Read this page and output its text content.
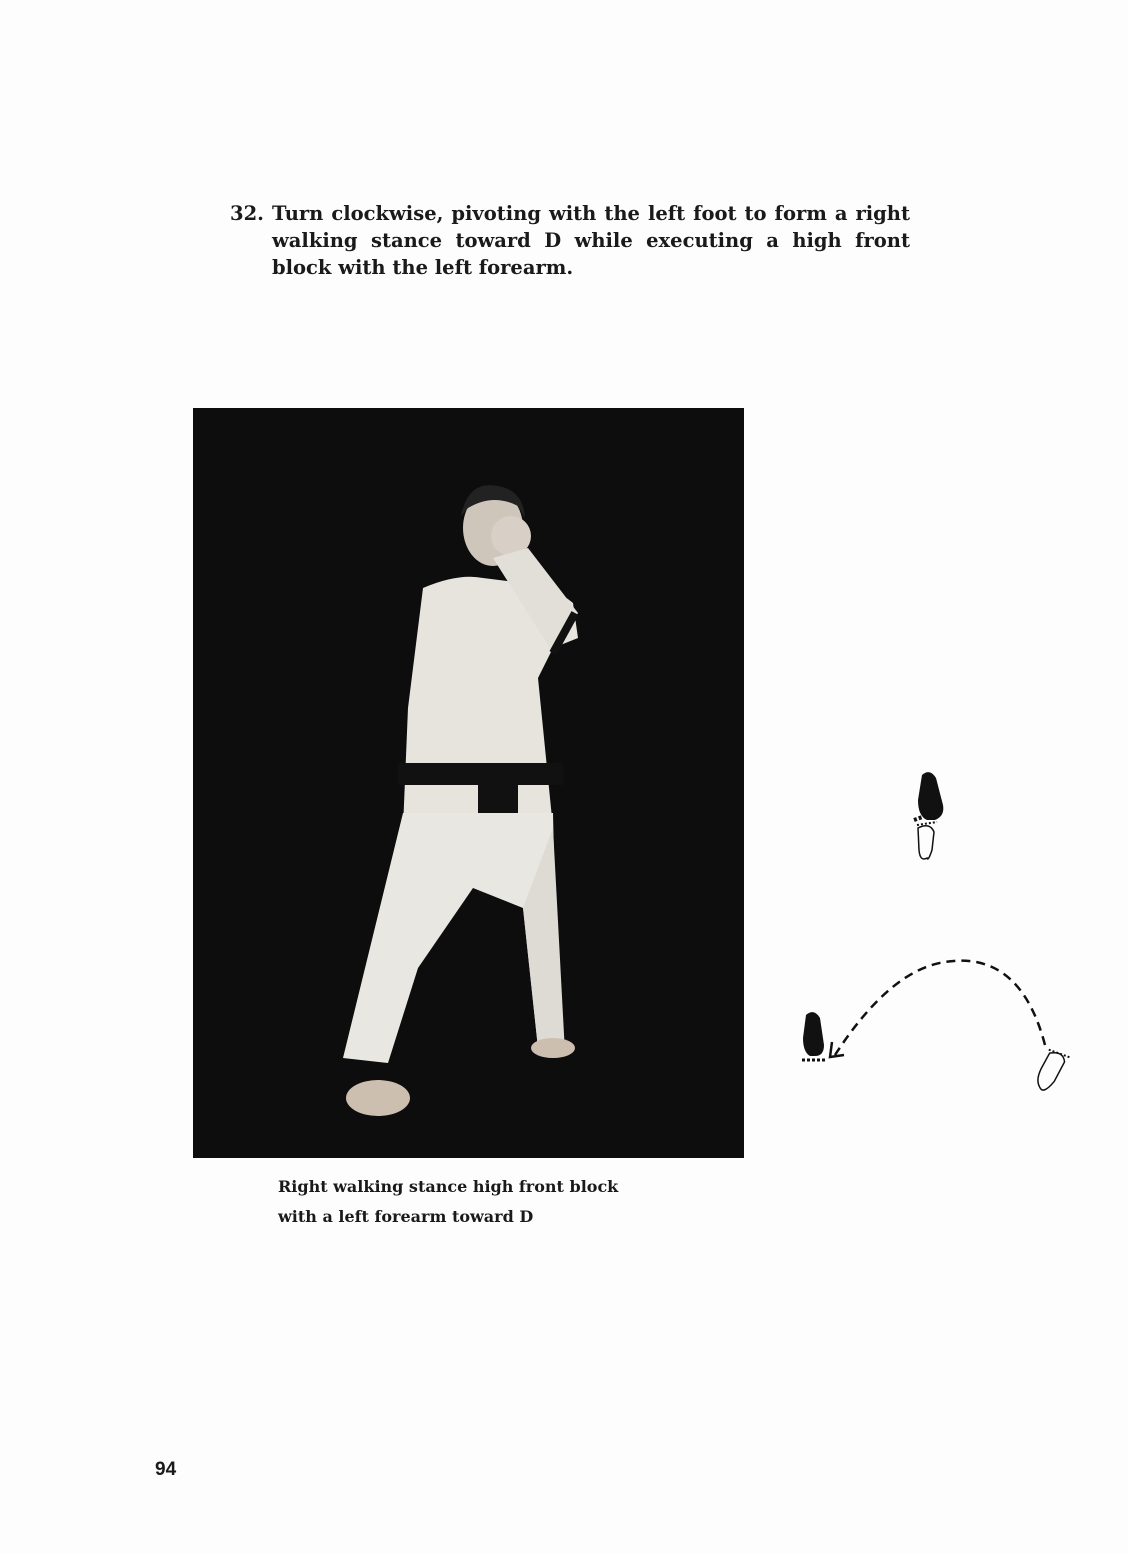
32. Turn clockwise, pivoting with the left foot to form a right walking stance toward D while executing a high front block with the left forearm.
Right walking stance high front block
with a left forearm toward D
94
